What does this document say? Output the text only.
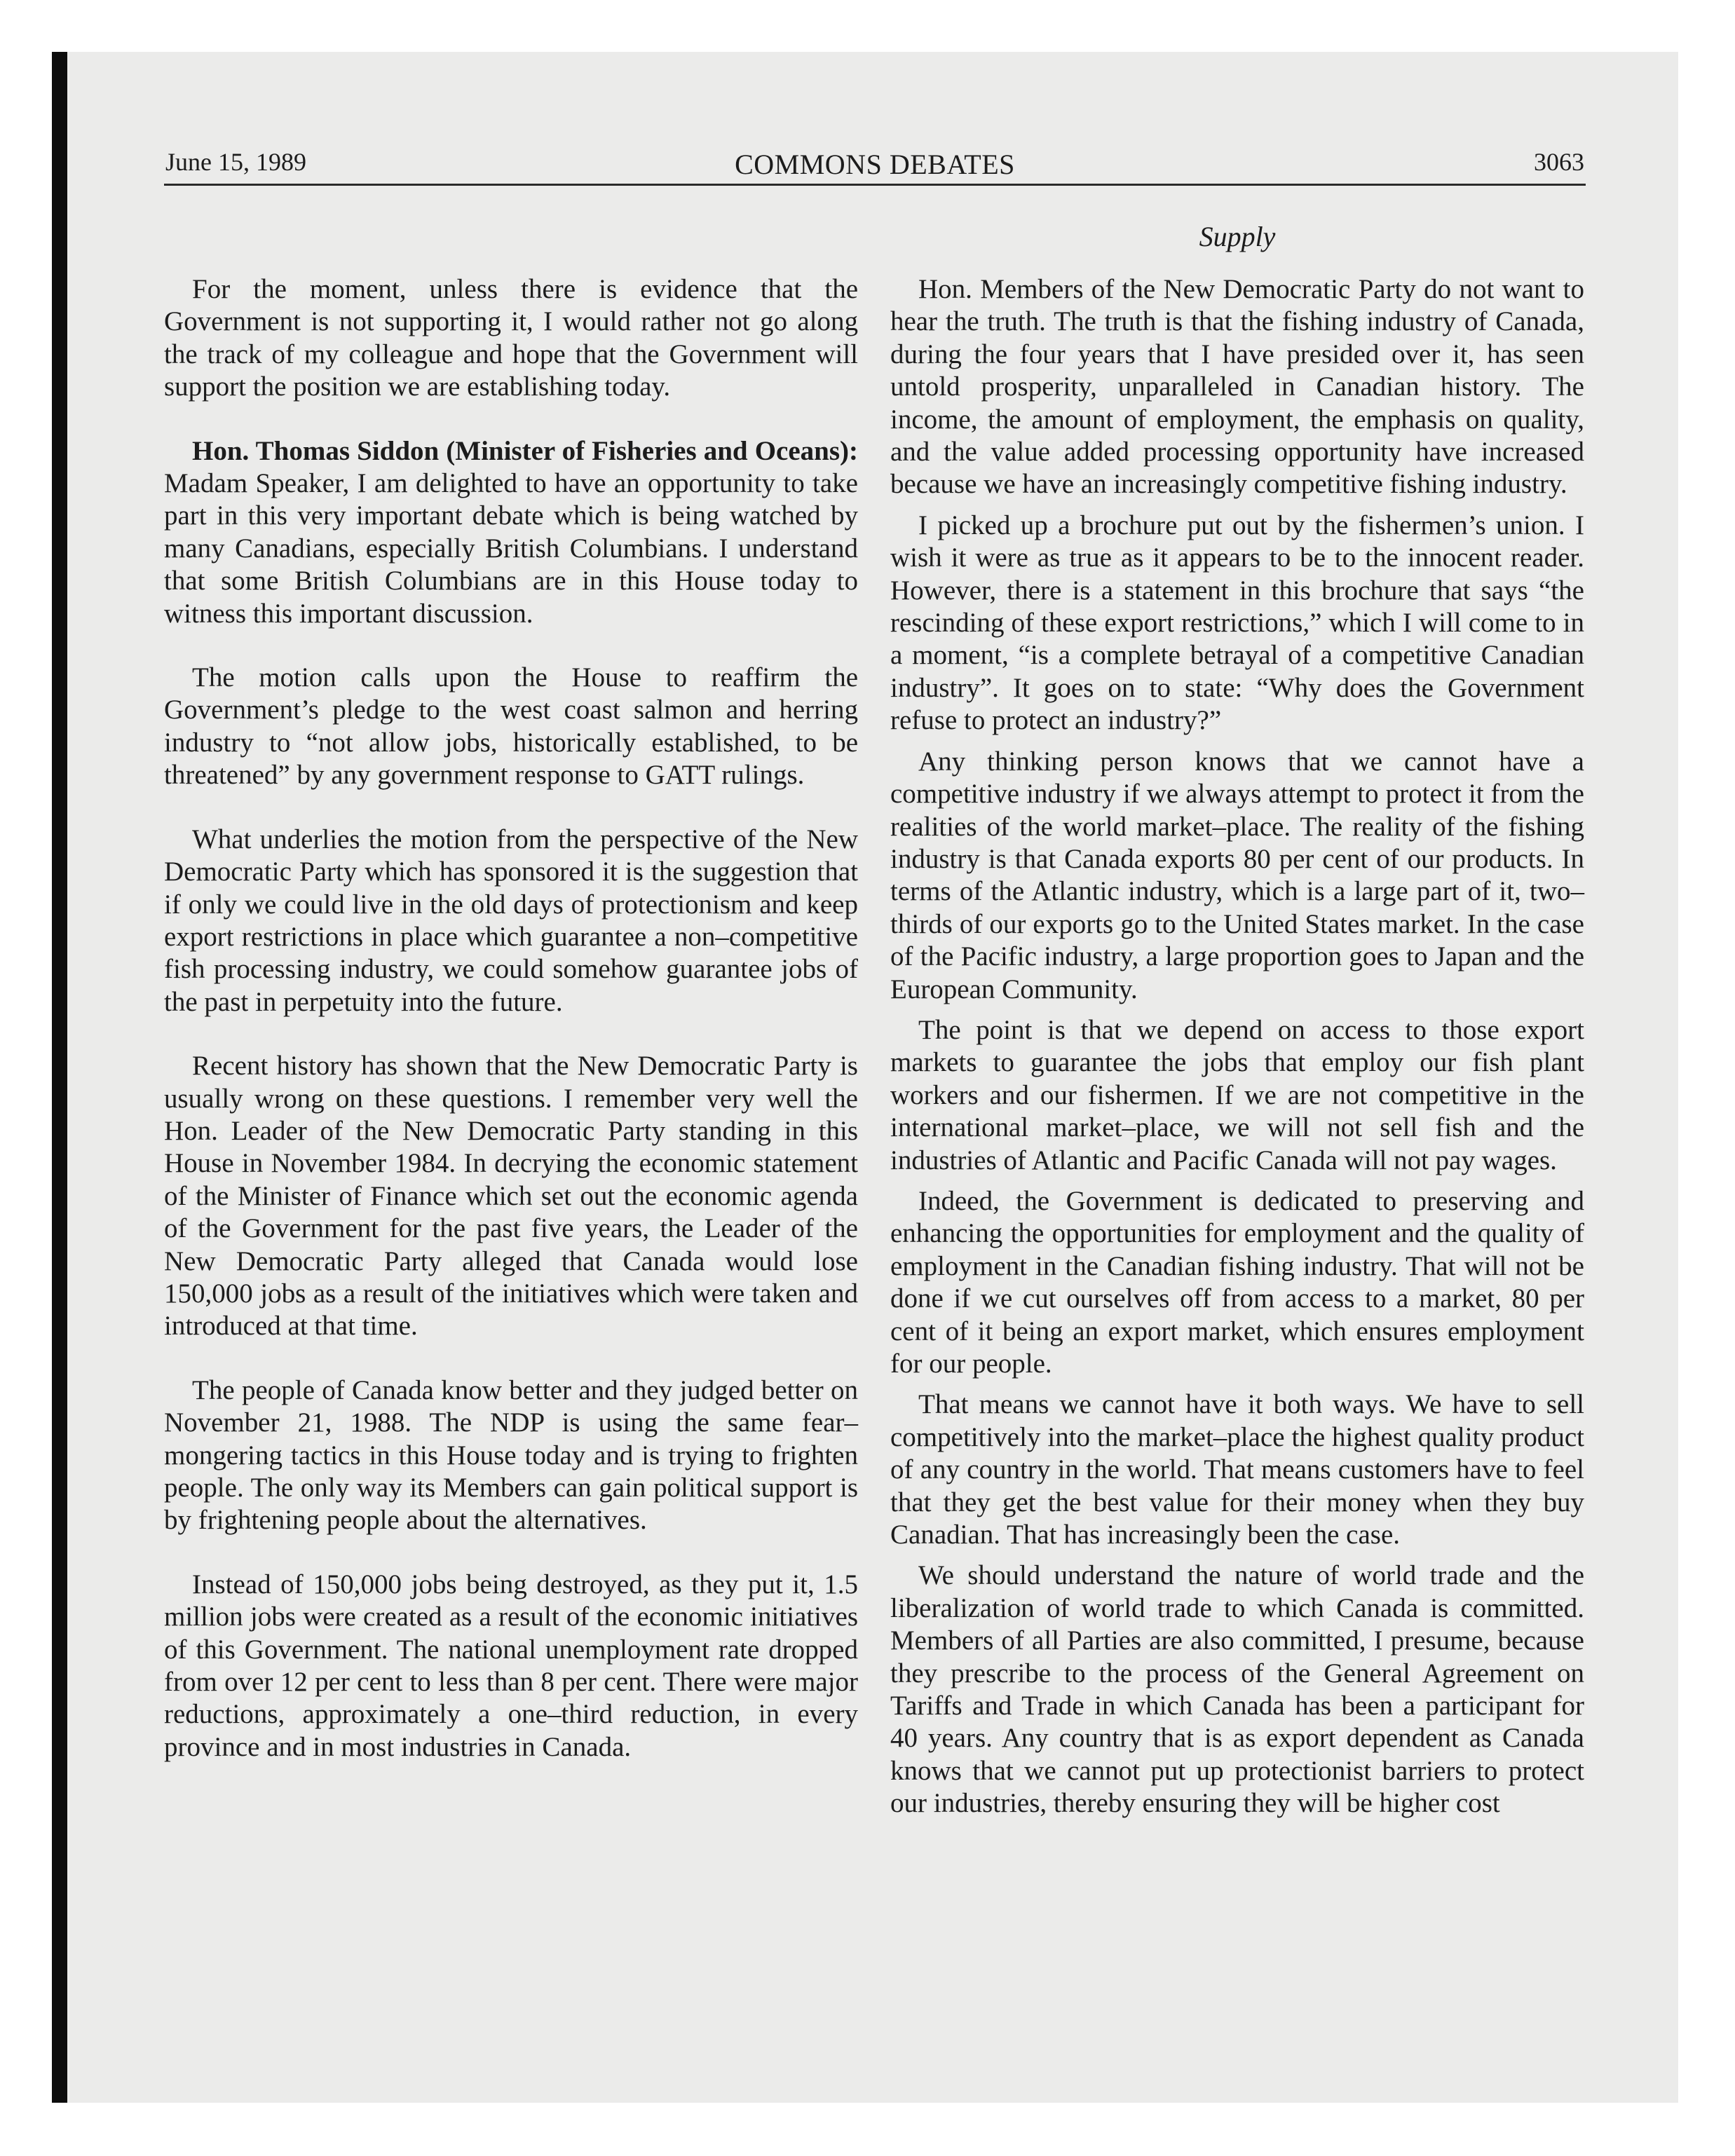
June 15, 1989	COMMONS DEBATES	3063
Supply

For the moment, unless there is evidence that the Government is not supporting it, I would rather not go along the track of my colleague and hope that the Government will support the position we are establishing today.

Hon. Thomas Siddon (Minister of Fisheries and Oceans): Madam Speaker, I am delighted to have an opportunity to take part in this very important debate which is being watched by many Canadians, especially British Columbians. I understand that some British Columbians are in this House today to witness this important discussion.

The motion calls upon the House to reaffirm the Government’s pledge to the west coast salmon and herring industry to “not allow jobs, historically established, to be threatened” by any government response to GATT rulings.

What underlies the motion from the perspective of the New Democratic Party which has sponsored it is the suggestion that if only we could live in the old days of protectionism and keep export restrictions in place which guarantee a non–competitive fish processing industry, we could somehow guarantee jobs of the past in perpetuity into the future.

Recent history has shown that the New Democratic Party is usually wrong on these questions. I remember very well the Hon. Leader of the New Democratic Party standing in this House in November 1984. In decrying the economic statement of the Minister of Finance which set out the economic agenda of the Government for the past five years, the Leader of the New Democratic Party alleged that Canada would lose 150,000 jobs as a result of the initiatives which were taken and introduced at that time.

The people of Canada know better and they judged better on November 21, 1988. The NDP is using the same fear–mongering tactics in this House today and is trying to frighten people. The only way its Members can gain political support is by frightening people about the alternatives.

Instead of 150,000 jobs being destroyed, as they put it, 1.5 million jobs were created as a result of the economic initiatives of this Government. The national unemployment rate dropped from over 12 per cent to less than 8 per cent. There were major reductions, approximately a one–third reduction, in every province and in most industries in Canada.

Hon. Members of the New Democratic Party do not want to hear the truth. The truth is that the fishing industry of Canada, during the four years that I have presided over it, has seen untold prosperity, unparalleled in Canadian history. The income, the amount of employment, the emphasis on quality, and the value added processing opportunity have increased because we have an increasingly competitive fishing industry.

I picked up a brochure put out by the fishermen’s union. I wish it were as true as it appears to be to the innocent reader. However, there is a statement in this brochure that says “the rescinding of these export restrictions,” which I will come to in a moment, “is a complete betrayal of a competitive Canadian industry”. It goes on to state: “Why does the Government refuse to protect an industry?”

Any thinking person knows that we cannot have a competitive industry if we always attempt to protect it from the realities of the world market–place. The reality of the fishing industry is that Canada exports 80 per cent of our products. In terms of the Atlantic industry, which is a large part of it, two–thirds of our exports go to the United States market. In the case of the Pacific industry, a large proportion goes to Japan and the European Community.

The point is that we depend on access to those export markets to guarantee the jobs that employ our fish plant workers and our fishermen. If we are not competitive in the international market–place, we will not sell fish and the industries of Atlantic and Pacific Canada will not pay wages.

Indeed, the Government is dedicated to preserving and enhancing the opportunities for employment and the quality of employment in the Canadian fishing industry. That will not be done if we cut ourselves off from access to a market, 80 per cent of it being an export market, which ensures employment for our people.

That means we cannot have it both ways. We have to sell competitively into the market–place the highest quality product of any country in the world. That means customers have to feel that they get the best value for their money when they buy Canadian. That has increasingly been the case.

We should understand the nature of world trade and the liberalization of world trade to which Canada is committed. Members of all Parties are also committed, I presume, because they prescribe to the process of the General Agreement on Tariffs and Trade in which Canada has been a participant for 40 years. Any country that is as export dependent as Canada knows that we cannot put up protectionist barriers to protect our industries, thereby ensuring they will be higher cost
